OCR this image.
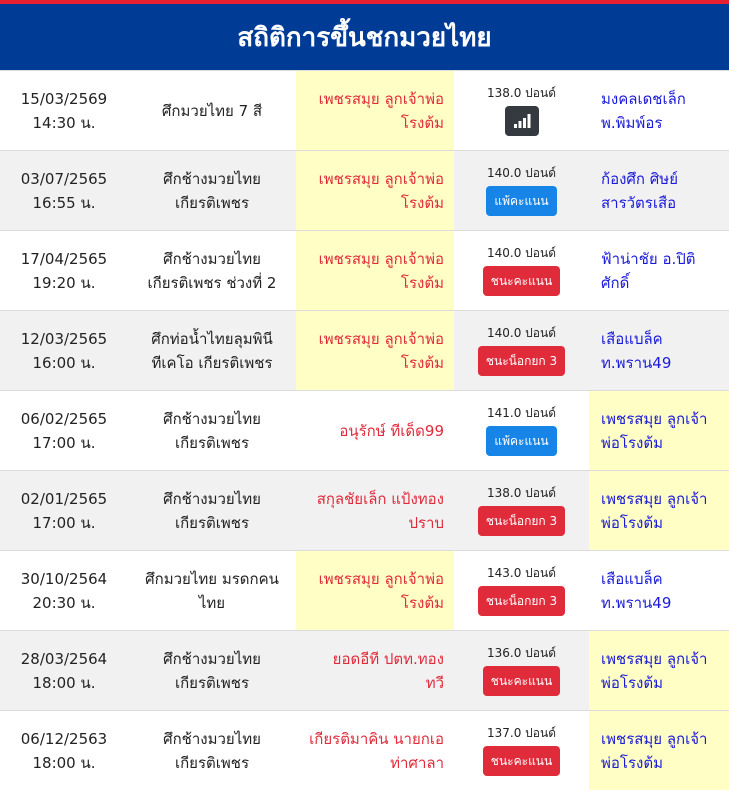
สถิติการขึ้นชกมวยไทย
15/03/2569
14:30 น.
ศึกมวยไทย 7 สี
เพชรสมุย ลูกเจ้าพ่อ
โรงต้ม
138.0 ปอนด์	มงคลเดชเล็ก
พ.พิมพ์อร
03/07/2565
16:55 น.
ศึกช้างมวยไทย
เกียรติเพชร
เพชรสมุย ลูกเจ้าพ่อ
โรงต้ม
140.0 ปอนด์
แพ้คะแนน
ก้องศึก ศิษย์
สารวัตรเสือ
17/04/2565
19:20 น.
ศึกช้างมวยไทย
เกียรติเพชร ช่วงที่ 2
เพชรสมุย ลูกเจ้าพ่อ
โรงต้ม
140.0 ปอนด์
ชนะคะแนน
ฟ้าน่าชัย อ.ปิติ
ศักดิ์
12/03/2565
16:00 น.
ศึกท่อน้ำไทยลุมพินี
ทีเคโอ เกียรติเพชร
เพชรสมุย ลูกเจ้าพ่อ
โรงต้ม
140.0 ปอนด์
ชนะน็อกยก 3
เสือแบล็ค
ท.พราน49
06/02/2565
17:00 น.
ศึกช้างมวยไทย
เกียรติเพชร
อนุรักษ์ ทีเด็ด99
141.0 ปอนด์
แพ้คะแนน
เพชรสมุย ลูกเจ้า
พ่อโรงต้ม
02/01/2565
17:00 น.
ศึกช้างมวยไทย
เกียรติเพชร
สกุลชัยเล็ก แป้งทอง
ปราบ
138.0 ปอนด์
ชนะน็อกยก 3
เพชรสมุย ลูกเจ้า
พ่อโรงต้ม
30/10/2564
20:30 น.
ศึกมวยไทย มรดกคน
ไทย
เพชรสมุย ลูกเจ้าพ่อ
โรงต้ม
143.0 ปอนด์
ชนะน็อกยก 3
เสือแบล็ค
ท.พราน49
28/03/2564
18:00 น.
ศึกช้างมวยไทย
เกียรติเพชร
ยอดอีที ปตท.ทอง
ทวี
136.0 ปอนด์
ชนะคะแนน
เพชรสมุย ลูกเจ้า
พ่อโรงต้ม
06/12/2563
18:00 น.
ศึกช้างมวยไทย
เกียรติเพชร
เกียรติมาคิน นายกเอ
ท่าศาลา
137.0 ปอนด์
ชนะคะแนน
เพชรสมุย ลูกเจ้า
พ่อโรงต้ม
